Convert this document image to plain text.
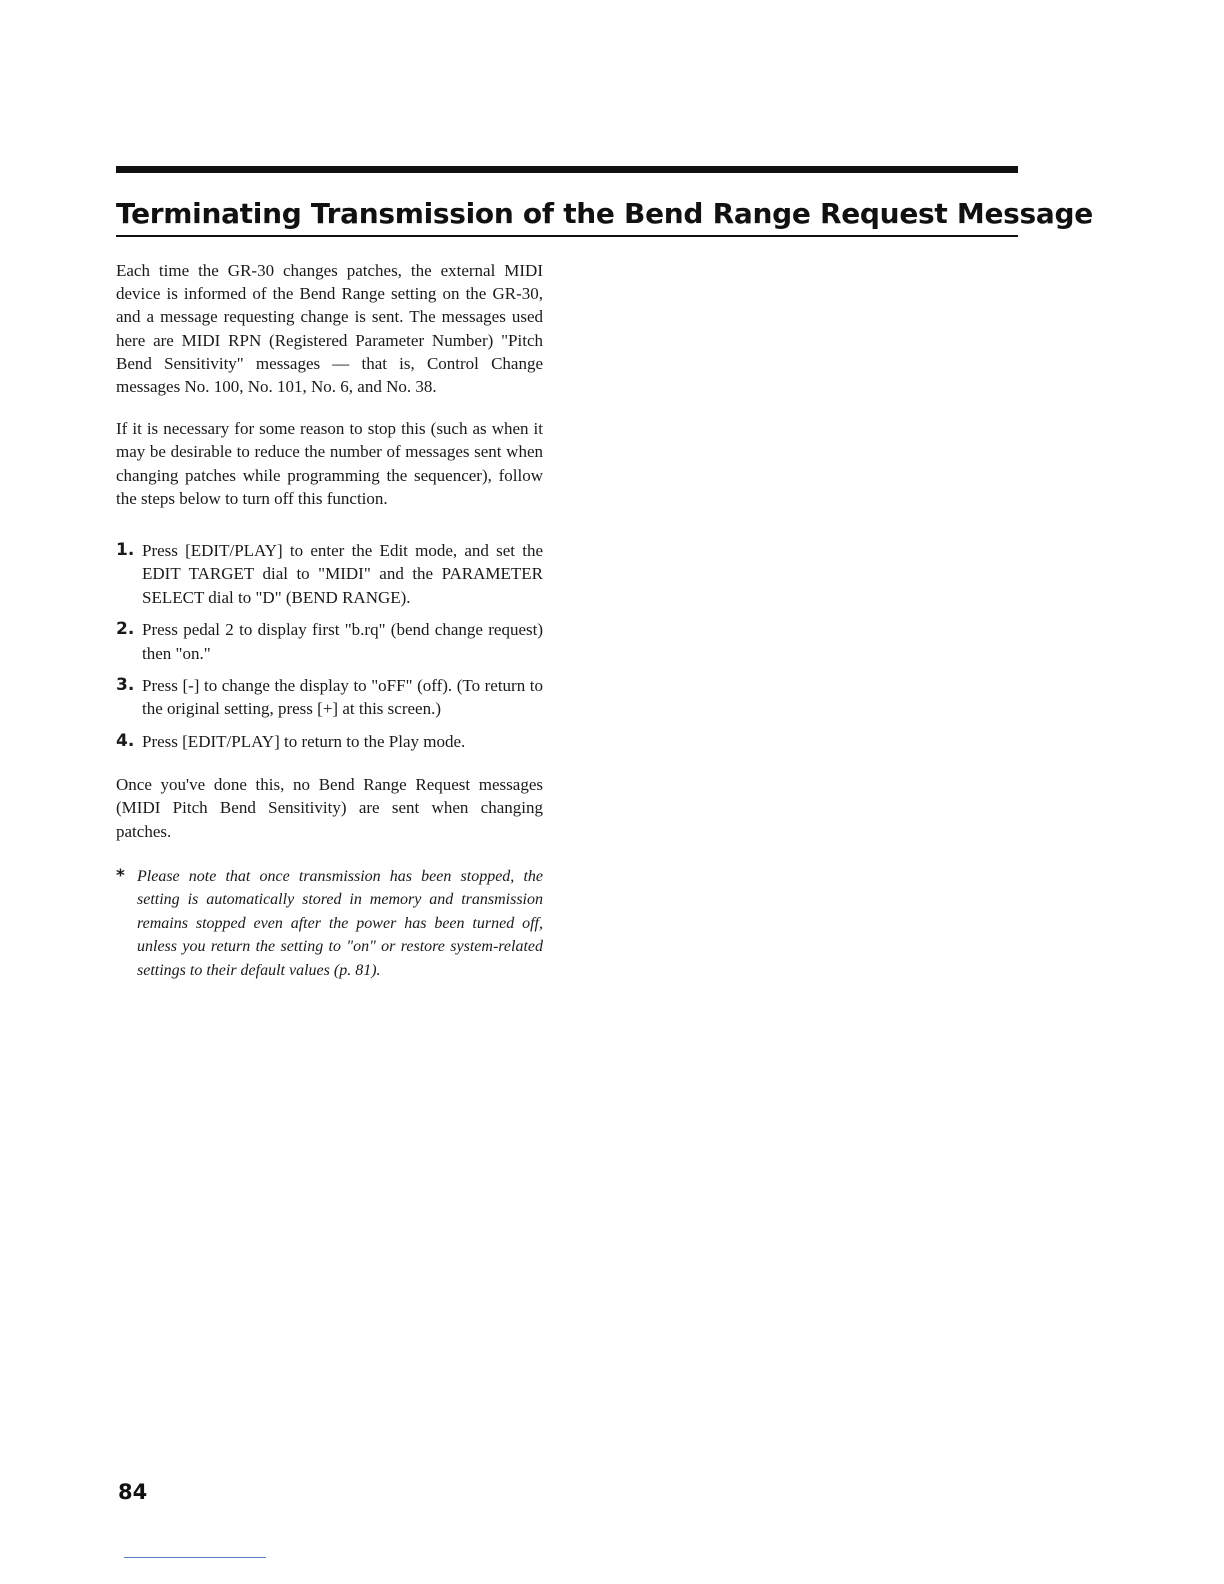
Terminating Transmission of the Bend Range Request Message

Each time the GR-30 changes patches, the external MIDI device is informed of the Bend Range setting on the GR-30, and a message requesting change is sent. The messages used here are MIDI RPN (Registered Parameter Number) "Pitch Bend Sensitivity" messages — that is, Control Change messages No. 100, No. 101, No. 6, and No. 38.

If it is necessary for some reason to stop this (such as when it may be desirable to reduce the number of messages sent when changing patches while programming the sequencer), follow the steps below to turn off this function.

1. Press [EDIT/PLAY] to enter the Edit mode, and set the EDIT TARGET dial to "MIDI" and the PARAMETER SELECT dial to "D" (BEND RANGE).
2. Press pedal 2 to display first "b.rq" (bend change request) then "on."
3. Press [-] to change the display to "oFF" (off). (To return to the original setting, press [+] at this screen.)
4. Press [EDIT/PLAY] to return to the Play mode.

Once you've done this, no Bend Range Request messages (MIDI Pitch Bend Sensitivity) are sent when changing patches.

* Please note that once transmission has been stopped, the setting is automatically stored in memory and transmission remains stopped even after the power has been turned off, unless you return the setting to "on" or restore system-related settings to their default values (p. 81).

84
